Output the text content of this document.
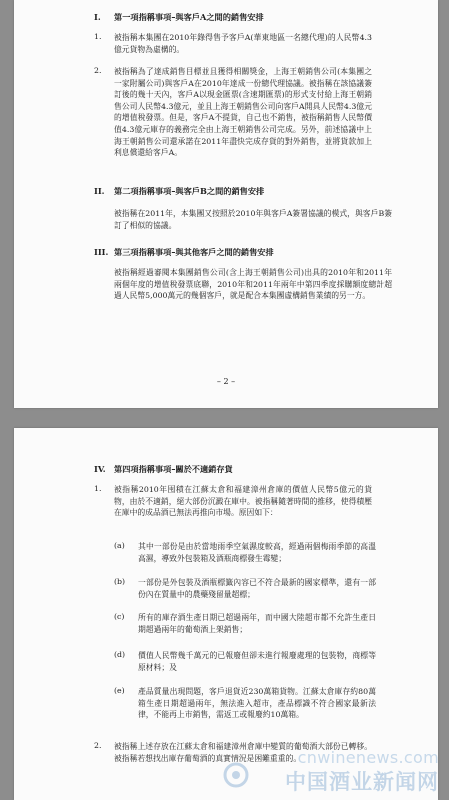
I. 第一項指稱事項–與客戶A之間的銷售安排
1. 被指稱本集團在2010年錄得售予客戶A(華東地區一名總代理)的人民幣4.3億元貨物為虛構的。
2. 被指稱為了達成銷售目標並且獲得相關獎金，上海王朝銷售公司(本集團之一家附屬公司)與客戶A在2010年達成一份總代理協議。被指稱在該協議簽訂後的幾十天內，客戶A以現金匯票(含速期匯票)的形式支付給上海王朝銷售公司人民幣4.3億元，並且上海王朝銷售公司向客戶A開具人民幣4.3億元的增值稅發票。但是，客戶A不提貨，自己也不銷售，被指稱銷售人民幣價值4.3億元庫存的義務完全由上海王朝銷售公司完成。另外，前述協議中上海王朝銷售公司還承諾在2011年盡快完成存貨的對外銷售，並將貨款加上利息償還給客戶A。
II. 第二項指稱事項–與客戶B之間的銷售安排
被指稱在2011年，本集團又按照於2010年與客戶A簽署協議的模式，與客戶B簽訂了相似的協議。
III. 第三項指稱事項–與其他客戶之間的銷售安排
被指稱經過審閱本集團銷售公司(含上海王朝銷售公司)出具的2010年和2011年兩個年度的增值稅發票底聯，2010年和2011年兩年中第四季度採購額度總計超過人民幣5,000萬元的幾個客戶，就是配合本集團虛構銷售業績的另一方。
– 2 –
IV. 第四項指稱事項–關於不適銷存貨
1. 被指稱2010年囤積在江蘇太倉和福建漳州倉庫的價值人民幣5億元的貨物，由於不適銷，絕大部份沉澱在庫中。被指稱隨著時間的推移，使得積壓在庫中的成品酒已無法再推向市場。原因如下：
(a) 其中一部份是由於當地雨季空氣濕度較高，經過兩個梅雨季節的高溫高濕，導致外包裝箱及酒瓶商標發生霉變；
(b) 一部份是外包裝及酒瓶標籤內容已不符合最新的國家標準，還有一部份內在質量中的農藥殘留量超標；
(c) 所有的庫存酒生產日期已超過兩年，而中國大陸超市都不允許生產日期超過兩年的葡萄酒上架銷售；
(d) 價值人民幣幾千萬元的已報廢但卻未進行報廢處理的包裝物，商標等原材料；及
(e) 產品質量出現問題，客戶退貨近230萬箱貨物。江蘇太倉庫存約80萬箱生產日期超過兩年，無法進入超市，產品標識不符合國家最新法律，不能再上市銷售，需返工或報廢約10萬箱。
2. 被指稱上述存放在江蘇太倉和福建漳州倉庫中變質的葡萄酒大部份已轉移。被指稱若想找出庫存葡萄酒的真實情況是困難重重的。
cnwinenews.com
中国酒业新闻网
